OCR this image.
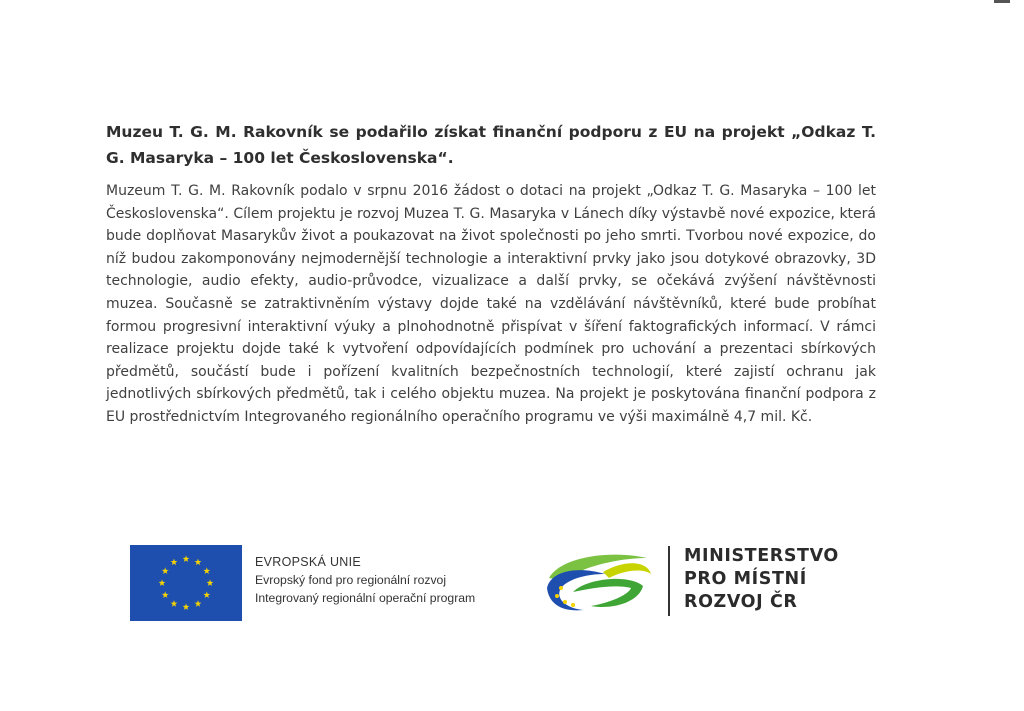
Muzeu T. G. M. Rakovník se podařilo získat finanční podporu z EU na projekt „Odkaz T. G. Masaryka – 100 let Československa“.

Muzeum T. G. M. Rakovník podalo v srpnu 2016 žádost o dotaci na projekt „Odkaz T. G. Masaryka – 100 let Československa“. Cílem projektu je rozvoj Muzea T. G. Masaryka v Lánech díky výstavbě nové expozice, která bude doplňovat Masarykův život a poukazovat na život společnosti po jeho smrti. Tvorbou nové expozice, do níž budou zakomponovány nejmodernější technologie a interaktivní prvky jako jsou dotykové obrazovky, 3D technologie, audio efekty, audio-průvodce, vizualizace a další prvky, se očekává zvýšení návštěvnosti muzea. Současně se zatraktivněním výstavy dojde také na vzdělávání návštěvníků, které bude probíhat formou progresivní interaktivní výuky a plnohodnotně přispívat v šíření faktografických informací. V rámci realizace projektu dojde také k vytvoření odpovídajících podmínek pro uchování a prezentaci sbírkových předmětů, součástí bude i pořízení kvalitních bezpečnostních technologií, které zajistí ochranu jak jednotlivých sbírkových předmětů, tak i celého objektu muzea. Na projekt je poskytována finanční podpora z EU prostřednictvím Integrovaného regionálního operačního programu ve výši maximálně 4,7 mil. Kč.

EVROPSKÁ UNIE
Evropský fond pro regionální rozvoj
Integrovaný regionální operační program
MINISTERSTVO
PRO MÍSTNÍ
ROZVOJ ČR
